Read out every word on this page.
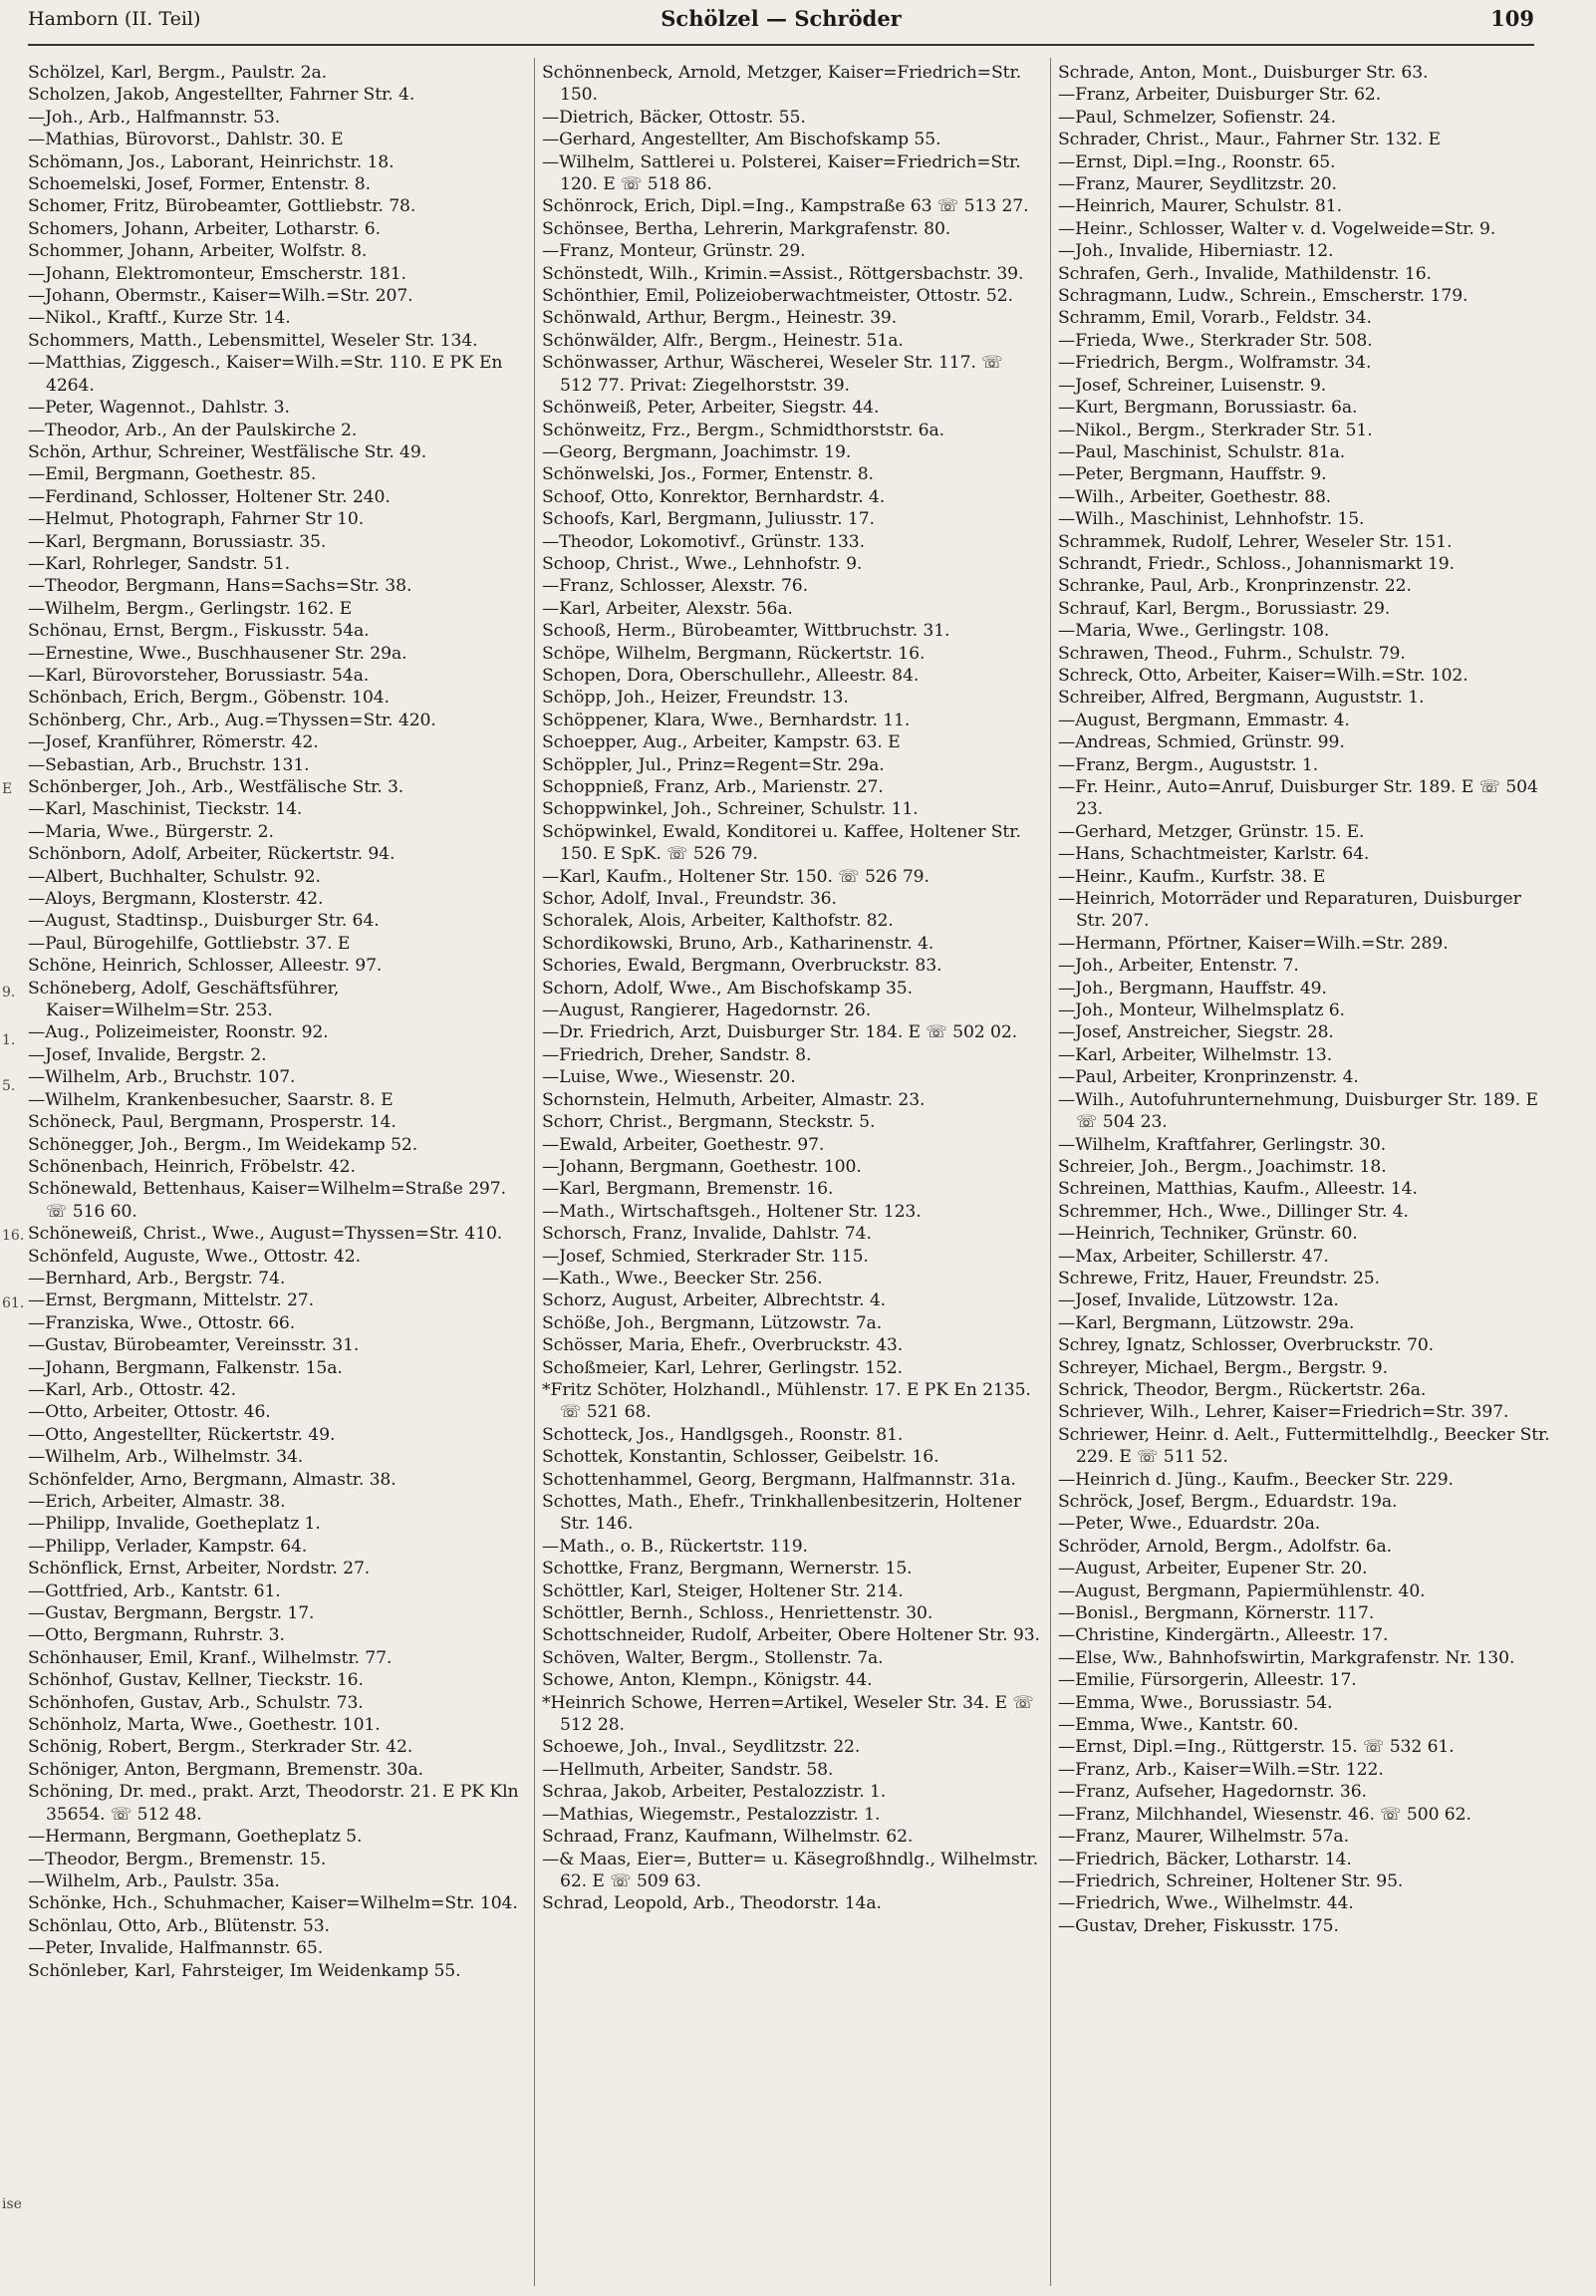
Hamborn (II. Teil)	Schölzel — Schröder	109
E
9.
1.
5.
16.
61.
ise
Schölzel, Karl, Bergm., Paulstr. 2a.
Scholzen, Jakob, Angestellter, Fahrner Str. 4.
—Joh., Arb., Halfmannstr. 53.
—Mathias, Bürovorst., Dahlstr. 30. E
Schömann, Jos., Laborant, Heinrichstr. 18.
Schoemelski, Josef, Former, Entenstr. 8.
Schomer, Fritz, Bürobeamter, Gottliebstr. 78.
Schomers, Johann, Arbeiter, Lotharstr. 6.
Schommer, Johann, Arbeiter, Wolfstr. 8.
—Johann, Elektromonteur, Emscherstr. 181.
—Johann, Obermstr., Kaiser=Wilh.=Str. 207.
—Nikol., Kraftf., Kurze Str. 14.
Schommers, Matth., Lebensmittel, Weseler Str. 134.
—Matthias, Ziggesch., Kaiser=Wilh.=Str. 110. E PK En 4264.
—Peter, Wagennot., Dahlstr. 3.
—Theodor, Arb., An der Paulskirche 2.
Schön, Arthur, Schreiner, Westfälische Str. 49.
—Emil, Bergmann, Goethestr. 85.
—Ferdinand, Schlosser, Holtener Str. 240.
—Helmut, Photograph, Fahrner Str 10.
—Karl, Bergmann, Borussiastr. 35.
—Karl, Rohrleger, Sandstr. 51.
—Theodor, Bergmann, Hans=Sachs=Str. 38.
—Wilhelm, Bergm., Gerlingstr. 162. E
Schönau, Ernst, Bergm., Fiskusstr. 54a.
—Ernestine, Wwe., Buschhausener Str. 29a.
—Karl, Bürovorsteher, Borussiastr. 54a.
Schönbach, Erich, Bergm., Göbenstr. 104.
Schönberg, Chr., Arb., Aug.=Thyssen=Str. 420.
—Josef, Kranführer, Römerstr. 42.
—Sebastian, Arb., Bruchstr. 131.
Schönberger, Joh., Arb., Westfälische Str. 3.
—Karl, Maschinist, Tieckstr. 14.
—Maria, Wwe., Bürgerstr. 2.
Schönborn, Adolf, Arbeiter, Rückertstr. 94.
—Albert, Buchhalter, Schulstr. 92.
—Aloys, Bergmann, Klosterstr. 42.
—August, Stadtinsp., Duisburger Str. 64.
—Paul, Bürogehilfe, Gottliebstr. 37. E
Schöne, Heinrich, Schlosser, Alleestr. 97.
Schöneberg, Adolf, Geschäftsführer, Kaiser=Wilhelm=Str. 253.
—Aug., Polizeimeister, Roonstr. 92.
—Josef, Invalide, Bergstr. 2.
—Wilhelm, Arb., Bruchstr. 107.
—Wilhelm, Krankenbesucher, Saarstr. 8. E
Schöneck, Paul, Bergmann, Prosperstr. 14.
Schönegger, Joh., Bergm., Im Weidekamp 52.
Schönenbach, Heinrich, Fröbelstr. 42.
Schönewald, Bettenhaus, Kaiser=Wilhelm=Straße 297. ☏ 516 60.
Schöneweiß, Christ., Wwe., August=Thyssen=Str. 410.
Schönfeld, Auguste, Wwe., Ottostr. 42.
—Bernhard, Arb., Bergstr. 74.
—Ernst, Bergmann, Mittelstr. 27.
—Franziska, Wwe., Ottostr. 66.
—Gustav, Bürobeamter, Vereinsstr. 31.
—Johann, Bergmann, Falkenstr. 15a.
—Karl, Arb., Ottostr. 42.
—Otto, Arbeiter, Ottostr. 46.
—Otto, Angestellter, Rückertstr. 49.
—Wilhelm, Arb., Wilhelmstr. 34.
Schönfelder, Arno, Bergmann, Almastr. 38.
—Erich, Arbeiter, Almastr. 38.
—Philipp, Invalide, Goetheplatz 1.
—Philipp, Verlader, Kampstr. 64.
Schönflick, Ernst, Arbeiter, Nordstr. 27.
—Gottfried, Arb., Kantstr. 61.
—Gustav, Bergmann, Bergstr. 17.
—Otto, Bergmann, Ruhrstr. 3.
Schönhauser, Emil, Kranf., Wilhelmstr. 77.
Schönhof, Gustav, Kellner, Tieckstr. 16.
Schönhofen, Gustav, Arb., Schulstr. 73.
Schönholz, Marta, Wwe., Goethestr. 101.
Schönig, Robert, Bergm., Sterkrader Str. 42.
Schöniger, Anton, Bergmann, Bremenstr. 30a.
Schöning, Dr. med., prakt. Arzt, Theodorstr. 21. E PK Kln 35654. ☏ 512 48.
—Hermann, Bergmann, Goetheplatz 5.
—Theodor, Bergm., Bremenstr. 15.
—Wilhelm, Arb., Paulstr. 35a.
Schönke, Hch., Schuhmacher, Kaiser=Wilhelm=Str. 104.
Schönlau, Otto, Arb., Blütenstr. 53.
—Peter, Invalide, Halfmannstr. 65.
Schönleber, Karl, Fahrsteiger, Im Weidenkamp 55.
Schönnenbeck, Arnold, Metzger, Kaiser=Friedrich=Str. 150.
—Dietrich, Bäcker, Ottostr. 55.
—Gerhard, Angestellter, Am Bischofskamp 55.
—Wilhelm, Sattlerei u. Polsterei, Kaiser=Friedrich=Str. 120. E ☏ 518 86.
Schönrock, Erich, Dipl.=Ing., Kampstraße 63 ☏ 513 27.
Schönsee, Bertha, Lehrerin, Markgrafenstr. 80.
—Franz, Monteur, Grünstr. 29.
Schönstedt, Wilh., Krimin.=Assist., Röttgersbachstr. 39.
Schönthier, Emil, Polizeioberwachtmeister, Ottostr. 52.
Schönwald, Arthur, Bergm., Heinestr. 39.
Schönwälder, Alfr., Bergm., Heinestr. 51a.
Schönwasser, Arthur, Wäscherei, Weseler Str. 117. ☏ 512 77. Privat: Ziegelhorststr. 39.
Schönweiß, Peter, Arbeiter, Siegstr. 44.
Schönweitz, Frz., Bergm., Schmidthorststr. 6a.
—Georg, Bergmann, Joachimstr. 19.
Schönwelski, Jos., Former, Entenstr. 8.
Schoof, Otto, Konrektor, Bernhardstr. 4.
Schoofs, Karl, Bergmann, Juliusstr. 17.
—Theodor, Lokomotivf., Grünstr. 133.
Schoop, Christ., Wwe., Lehnhofstr. 9.
—Franz, Schlosser, Alexstr. 76.
—Karl, Arbeiter, Alexstr. 56a.
Schooß, Herm., Bürobeamter, Wittbruchstr. 31.
Schöpe, Wilhelm, Bergmann, Rückertstr. 16.
Schopen, Dora, Oberschullehr., Alleestr. 84.
Schöpp, Joh., Heizer, Freundstr. 13.
Schöppener, Klara, Wwe., Bernhardstr. 11.
Schoepper, Aug., Arbeiter, Kampstr. 63. E
Schöppler, Jul., Prinz=Regent=Str. 29a.
Schoppnieß, Franz, Arb., Marienstr. 27.
Schoppwinkel, Joh., Schreiner, Schulstr. 11.
Schöpwinkel, Ewald, Konditorei u. Kaffee, Holtener Str. 150. E SpK. ☏ 526 79.
—Karl, Kaufm., Holtener Str. 150. ☏ 526 79.
Schor, Adolf, Inval., Freundstr. 36.
Schoralek, Alois, Arbeiter, Kalthofstr. 82.
Schordikowski, Bruno, Arb., Katharinenstr. 4.
Schories, Ewald, Bergmann, Overbruckstr. 83.
Schorn, Adolf, Wwe., Am Bischofskamp 35.
—August, Rangierer, Hagedornstr. 26.
—Dr. Friedrich, Arzt, Duisburger Str. 184. E ☏ 502 02.
—Friedrich, Dreher, Sandstr. 8.
—Luise, Wwe., Wiesenstr. 20.
Schornstein, Helmuth, Arbeiter, Almastr. 23.
Schorr, Christ., Bergmann, Steckstr. 5.
—Ewald, Arbeiter, Goethestr. 97.
—Johann, Bergmann, Goethestr. 100.
—Karl, Bergmann, Bremenstr. 16.
—Math., Wirtschaftsgeh., Holtener Str. 123.
Schorsch, Franz, Invalide, Dahlstr. 74.
—Josef, Schmied, Sterkrader Str. 115.
—Kath., Wwe., Beecker Str. 256.
Schorz, August, Arbeiter, Albrechtstr. 4.
Schöße, Joh., Bergmann, Lützowstr. 7a.
Schösser, Maria, Ehefr., Overbruckstr. 43.
Schoßmeier, Karl, Lehrer, Gerlingstr. 152.
*Fritz Schöter, Holzhandl., Mühlenstr. 17. E PK En 2135. ☏ 521 68.
Schotteck, Jos., Handlgsgeh., Roonstr. 81.
Schottek, Konstantin, Schlosser, Geibelstr. 16.
Schottenhammel, Georg, Bergmann, Halfmannstr. 31a.
Schottes, Math., Ehefr., Trinkhallenbesitzerin, Holtener Str. 146.
—Math., o. B., Rückertstr. 119.
Schottke, Franz, Bergmann, Wernerstr. 15.
Schöttler, Karl, Steiger, Holtener Str. 214.
Schöttler, Bernh., Schloss., Henriettenstr. 30.
Schottschneider, Rudolf, Arbeiter, Obere Holtener Str. 93.
Schöven, Walter, Bergm., Stollenstr. 7a.
Schowe, Anton, Klempn., Königstr. 44.
*Heinrich Schowe, Herren=Artikel, Weseler Str. 34. E ☏ 512 28.
Schoewe, Joh., Inval., Seydlitzstr. 22.
—Hellmuth, Arbeiter, Sandstr. 58.
Schraa, Jakob, Arbeiter, Pestalozzistr. 1.
—Mathias, Wiegemstr., Pestalozzistr. 1.
Schraad, Franz, Kaufmann, Wilhelmstr. 62.
—& Maas, Eier=, Butter= u. Käsegroßhndlg., Wilhelmstr. 62. E ☏ 509 63.
Schrad, Leopold, Arb., Theodorstr. 14a.
Schrade, Anton, Mont., Duisburger Str. 63.
—Franz, Arbeiter, Duisburger Str. 62.
—Paul, Schmelzer, Sofienstr. 24.
Schrader, Christ., Maur., Fahrner Str. 132. E
—Ernst, Dipl.=Ing., Roonstr. 65.
—Franz, Maurer, Seydlitzstr. 20.
—Heinrich, Maurer, Schulstr. 81.
—Heinr., Schlosser, Walter v. d. Vogelweide=Str. 9.
—Joh., Invalide, Hiberniastr. 12.
Schrafen, Gerh., Invalide, Mathildenstr. 16.
Schragmann, Ludw., Schrein., Emscherstr. 179.
Schramm, Emil, Vorarb., Feldstr. 34.
—Frieda, Wwe., Sterkrader Str. 508.
—Friedrich, Bergm., Wolframstr. 34.
—Josef, Schreiner, Luisenstr. 9.
—Kurt, Bergmann, Borussiastr. 6a.
—Nikol., Bergm., Sterkrader Str. 51.
—Paul, Maschinist, Schulstr. 81a.
—Peter, Bergmann, Hauffstr. 9.
—Wilh., Arbeiter, Goethestr. 88.
—Wilh., Maschinist, Lehnhofstr. 15.
Schrammek, Rudolf, Lehrer, Weseler Str. 151.
Schrandt, Friedr., Schloss., Johannismarkt 19.
Schranke, Paul, Arb., Kronprinzenstr. 22.
Schrauf, Karl, Bergm., Borussiastr. 29.
—Maria, Wwe., Gerlingstr. 108.
Schrawen, Theod., Fuhrm., Schulstr. 79.
Schreck, Otto, Arbeiter, Kaiser=Wilh.=Str. 102.
Schreiber, Alfred, Bergmann, Auguststr. 1.
—August, Bergmann, Emmastr. 4.
—Andreas, Schmied, Grünstr. 99.
—Franz, Bergm., Auguststr. 1.
—Fr. Heinr., Auto=Anruf, Duisburger Str. 189. E ☏ 504 23.
—Gerhard, Metzger, Grünstr. 15. E.
—Hans, Schachtmeister, Karlstr. 64.
—Heinr., Kaufm., Kurfstr. 38. E
—Heinrich, Motorräder und Reparaturen, Duisburger Str. 207.
—Hermann, Pförtner, Kaiser=Wilh.=Str. 289.
—Joh., Arbeiter, Entenstr. 7.
—Joh., Bergmann, Hauffstr. 49.
—Joh., Monteur, Wilhelmsplatz 6.
—Josef, Anstreicher, Siegstr. 28.
—Karl, Arbeiter, Wilhelmstr. 13.
—Paul, Arbeiter, Kronprinzenstr. 4.
—Wilh., Autofuhrunternehmung, Duisburger Str. 189. E ☏ 504 23.
—Wilhelm, Kraftfahrer, Gerlingstr. 30.
Schreier, Joh., Bergm., Joachimstr. 18.
Schreinen, Matthias, Kaufm., Alleestr. 14.
Schremmer, Hch., Wwe., Dillinger Str. 4.
—Heinrich, Techniker, Grünstr. 60.
—Max, Arbeiter, Schillerstr. 47.
Schrewe, Fritz, Hauer, Freundstr. 25.
—Josef, Invalide, Lützowstr. 12a.
—Karl, Bergmann, Lützowstr. 29a.
Schrey, Ignatz, Schlosser, Overbruckstr. 70.
Schreyer, Michael, Bergm., Bergstr. 9.
Schrick, Theodor, Bergm., Rückertstr. 26a.
Schriever, Wilh., Lehrer, Kaiser=Friedrich=Str. 397.
Schriewer, Heinr. d. Aelt., Futtermittelhdlg., Beecker Str. 229. E ☏ 511 52.
—Heinrich d. Jüng., Kaufm., Beecker Str. 229.
Schröck, Josef, Bergm., Eduardstr. 19a.
—Peter, Wwe., Eduardstr. 20a.
Schröder, Arnold, Bergm., Adolfstr. 6a.
—August, Arbeiter, Eupener Str. 20.
—August, Bergmann, Papiermühlenstr. 40.
—Bonisl., Bergmann, Körnerstr. 117.
—Christine, Kindergärtn., Alleestr. 17.
—Else, Ww., Bahnhofswirtin, Markgrafenstr. Nr. 130.
—Emilie, Fürsorgerin, Alleestr. 17.
—Emma, Wwe., Borussiastr. 54.
—Emma, Wwe., Kantstr. 60.
—Ernst, Dipl.=Ing., Rüttgerstr. 15. ☏ 532 61.
—Franz, Arb., Kaiser=Wilh.=Str. 122.
—Franz, Aufseher, Hagedornstr. 36.
—Franz, Milchhandel, Wiesenstr. 46. ☏ 500 62.
—Franz, Maurer, Wilhelmstr. 57a.
—Friedrich, Bäcker, Lotharstr. 14.
—Friedrich, Schreiner, Holtener Str. 95.
—Friedrich, Wwe., Wilhelmstr. 44.
—Gustav, Dreher, Fiskusstr. 175.
